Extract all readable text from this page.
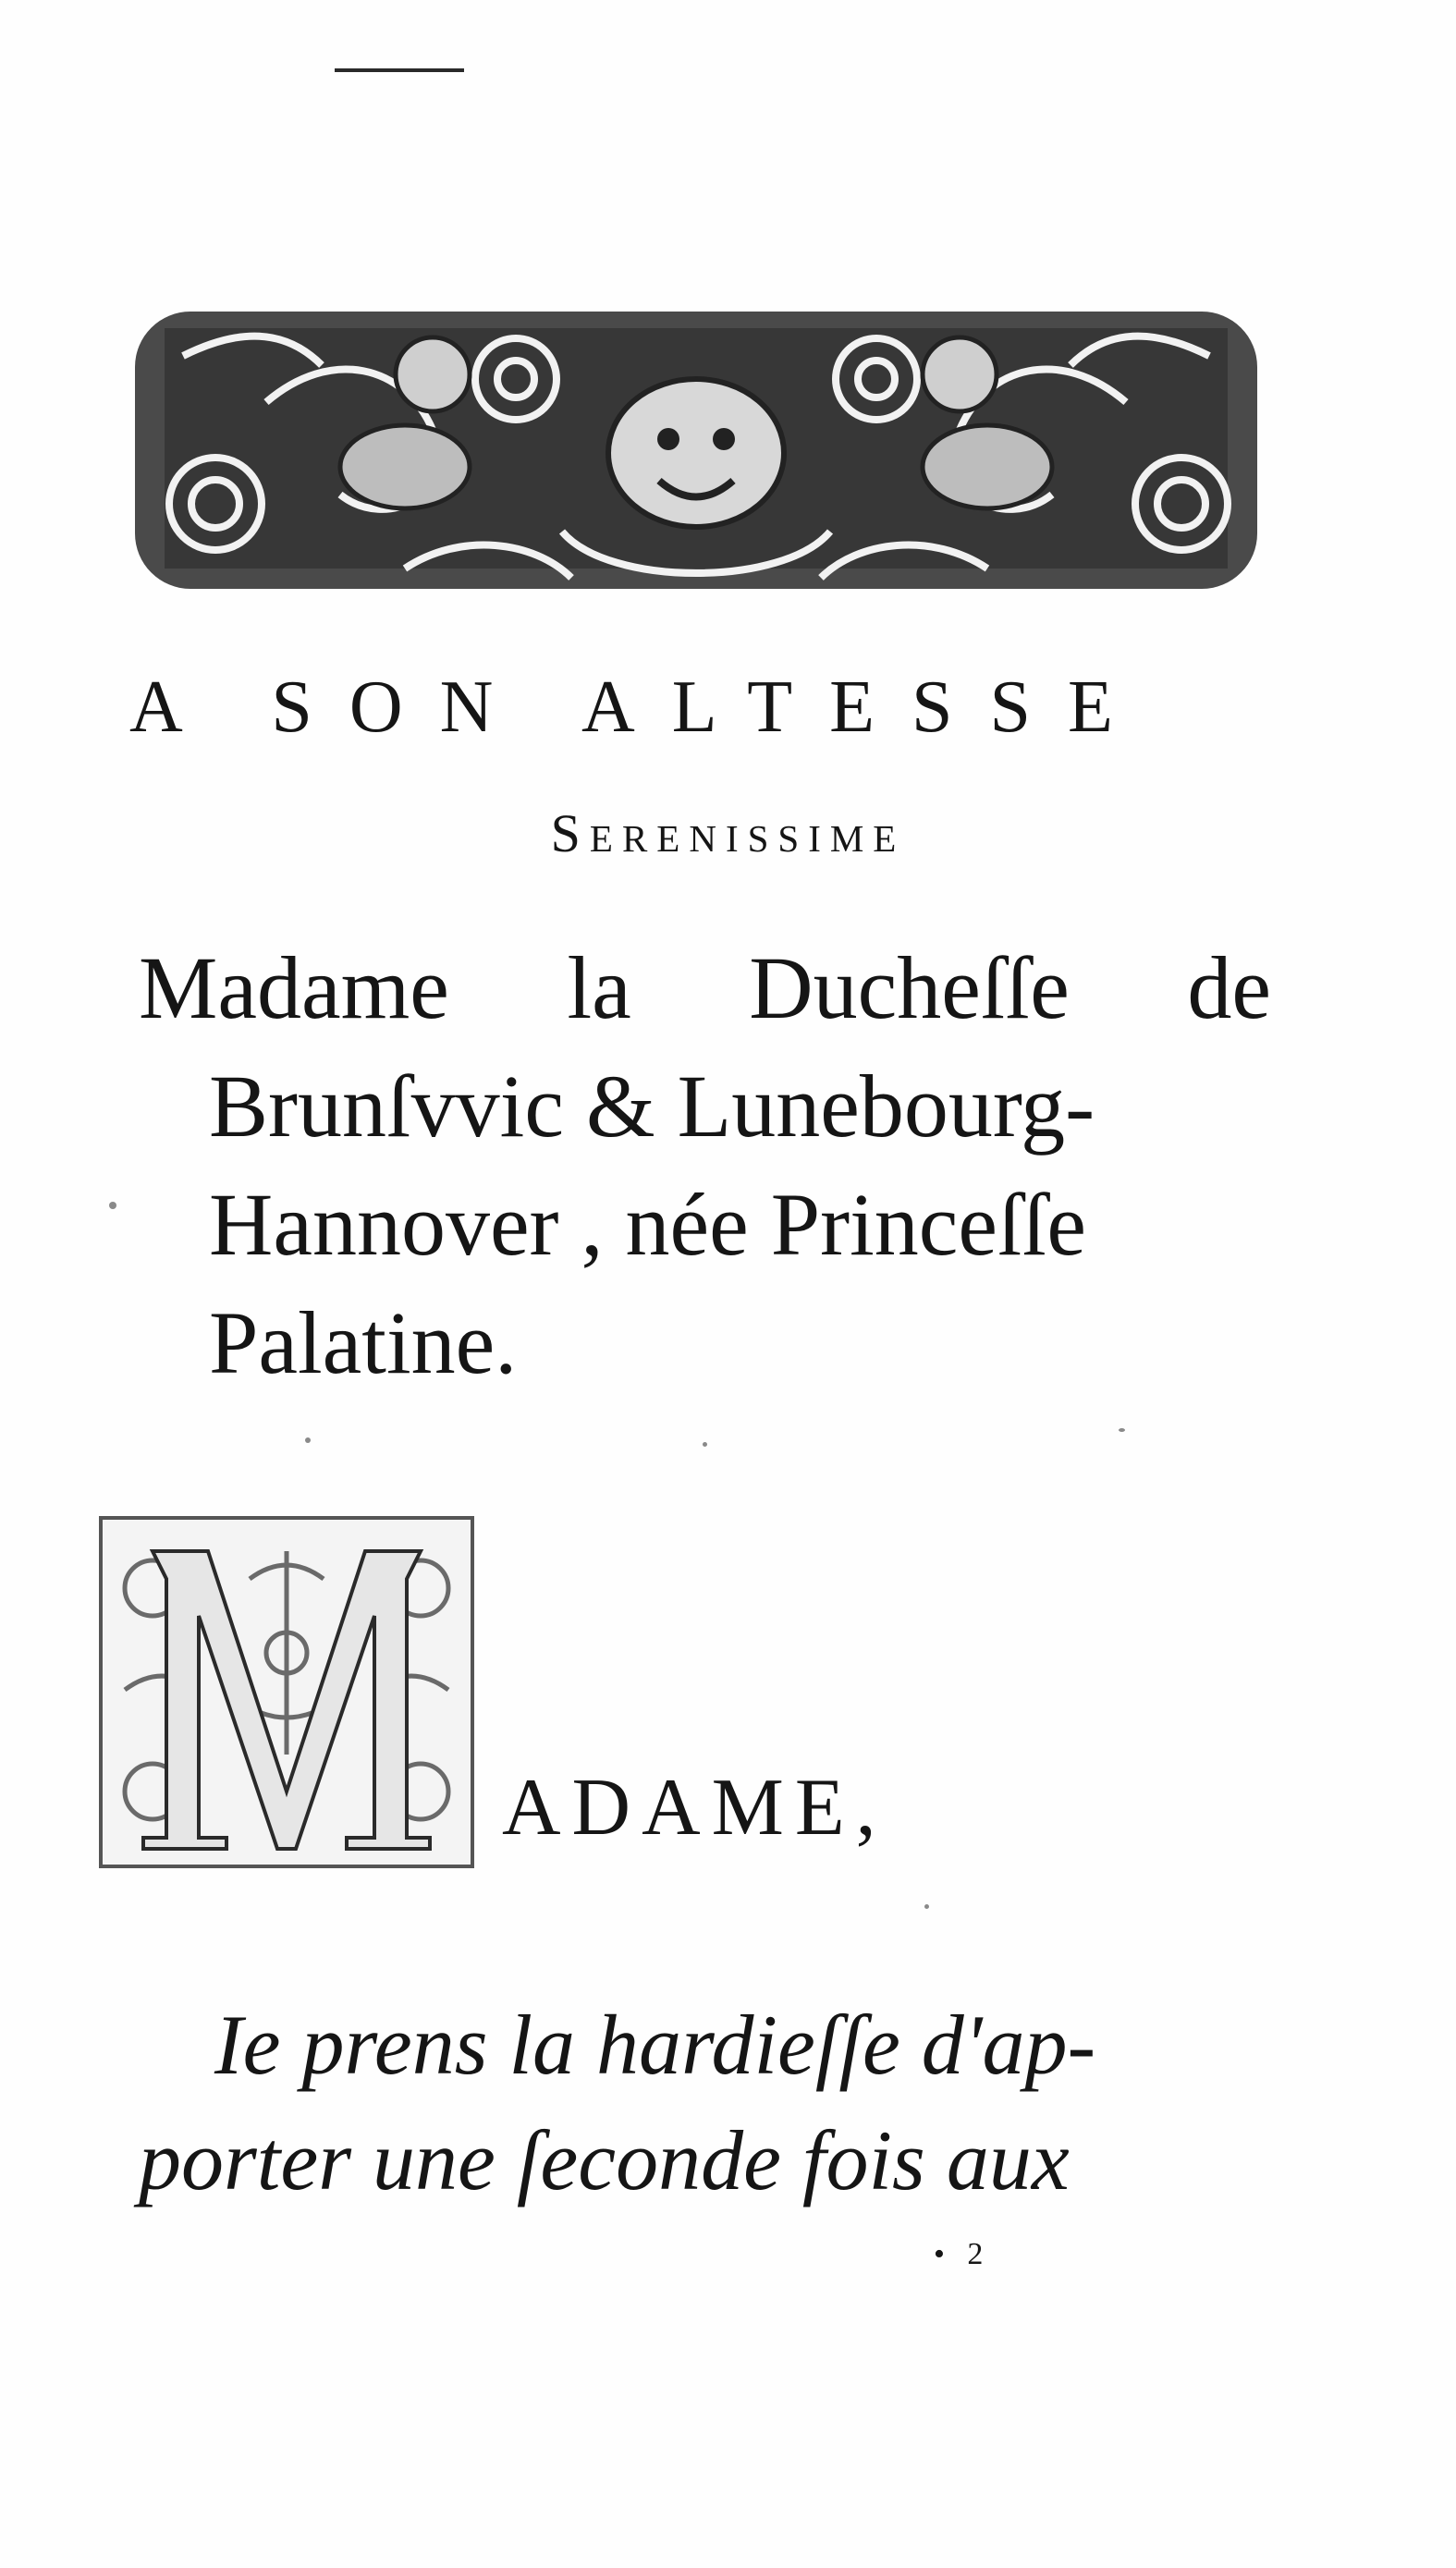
A SON ALTESSE
Serenissime
Madame la Ducheſſe de
Brunſvvic & Lunebourg-
Hannover , née Princeſſe
Palatine.
ADAME,
Ie prens la hardieſſe d'ap-
porter une ſeconde fois aux
• 2
